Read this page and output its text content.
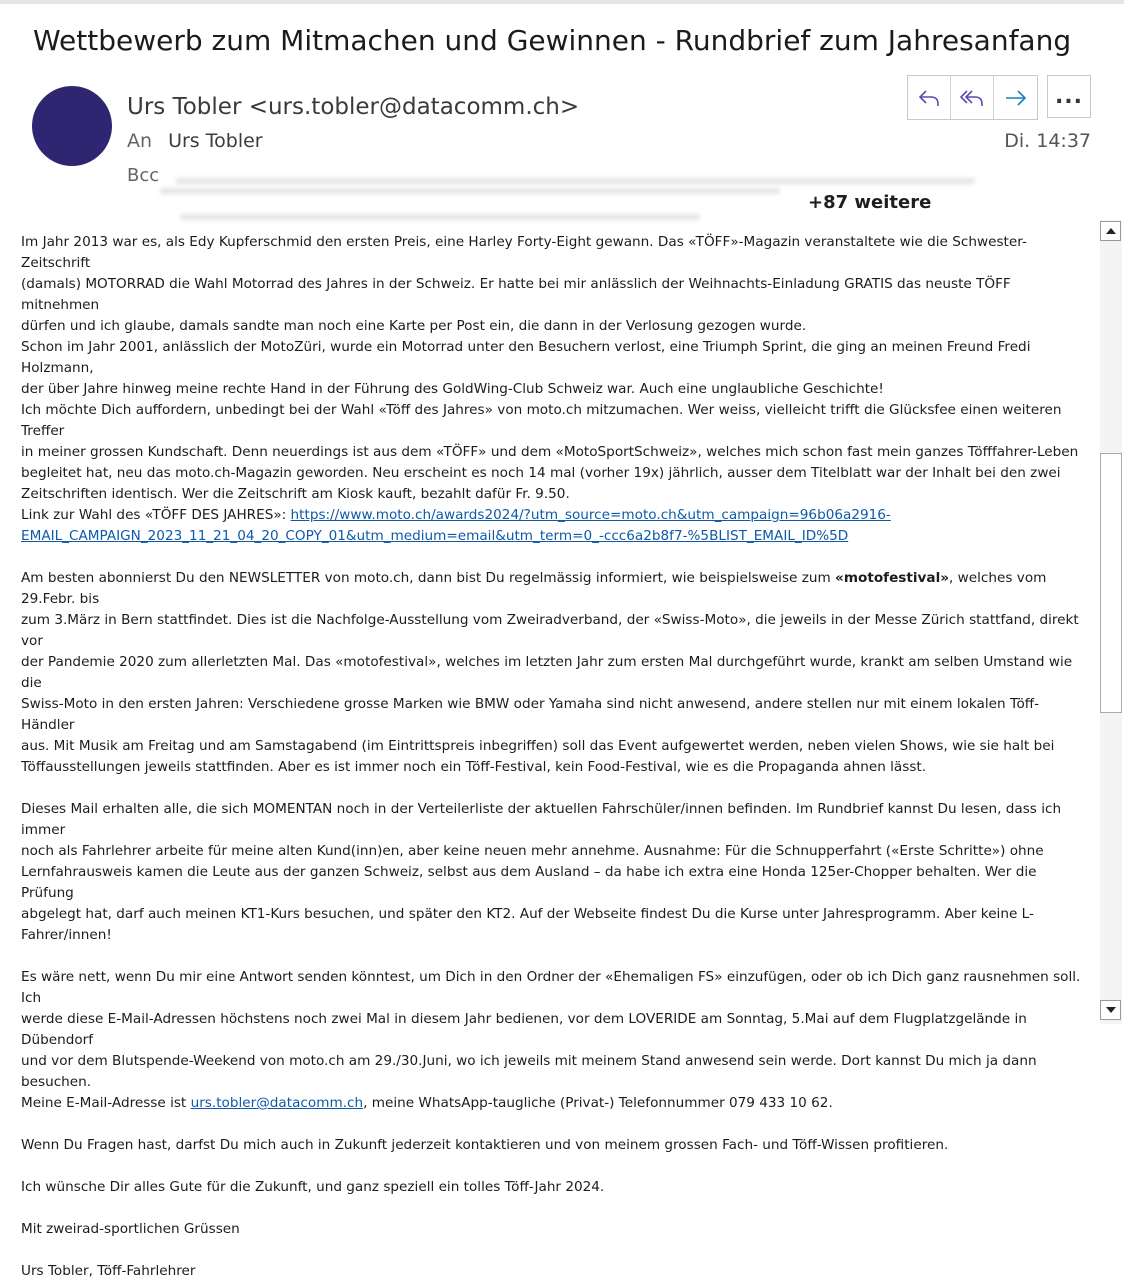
Wettbewerb zum Mitmachen und Gewinnen - Rundbrief zum Jahresanfang
Urs Tobler <urs.tobler@datacomm.ch>
An Urs Tobler
Bcc
+87 weitere
...
Di. 14:37

Im Jahr 2013 war es, als Edy Kupferschmid den ersten Preis, eine Harley Forty-Eight gewann. Das «TÖFF»-Magazin veranstaltete wie die Schwester-Zeitschrift

(damals) MOTORRAD die Wahl Motorrad des Jahres in der Schweiz. Er hatte bei mir anlässlich der Weihnachts-Einladung GRATIS das neuste TÖFF mitnehmen

dürfen und ich glaube, damals sandte man noch eine Karte per Post ein, die dann in der Verlosung gezogen wurde.

Schon im Jahr 2001, anlässlich der MotoZüri, wurde ein Motorrad unter den Besuchern verlost, eine Triumph Sprint, die ging an meinen Freund Fredi Holzmann,

der über Jahre hinweg meine rechte Hand in der Führung des GoldWing-Club Schweiz war. Auch eine unglaubliche Geschichte!

Ich möchte Dich auffordern, unbedingt bei der Wahl «Töff des Jahres» von moto.ch mitzumachen. Wer weiss, vielleicht trifft die Glücksfee einen weiteren Treffer

in meiner grossen Kundschaft. Denn neuerdings ist aus dem «TÖFF» und dem «MotoSportSchweiz», welches mich schon fast mein ganzes Töfffahrer-Leben

begleitet hat, neu das moto.ch-Magazin geworden. Neu erscheint es noch 14 mal (vorher 19x) jährlich, ausser dem Titelblatt war der Inhalt bei den zwei

Zeitschriften identisch. Wer die Zeitschrift am Kiosk kauft, bezahlt dafür Fr. 9.50.

Link zur Wahl des «TÖFF DES JAHRES»: https://www.moto.ch/awards2024/?utm_source=moto.ch&utm_campaign=96b06a2916-

EMAIL_CAMPAIGN_2023_11_21_04_20_COPY_01&utm_medium=email&utm_term=0_-ccc6a2b8f7-%5BLIST_EMAIL_ID%5D

Am besten abonnierst Du den NEWSLETTER von moto.ch, dann bist Du regelmässig informiert, wie beispielsweise zum «motofestival», welches vom 29.Febr. bis

zum 3.März in Bern stattfindet. Dies ist die Nachfolge-Ausstellung vom Zweiradverband, der «Swiss-Moto», die jeweils in der Messe Zürich stattfand, direkt vor

der Pandemie 2020 zum allerletzten Mal. Das «motofestival», welches im letzten Jahr zum ersten Mal durchgeführt wurde, krankt am selben Umstand wie die

Swiss-Moto in den ersten Jahren: Verschiedene grosse Marken wie BMW oder Yamaha sind nicht anwesend, andere stellen nur mit einem lokalen Töff-Händler

aus. Mit Musik am Freitag und am Samstagabend (im Eintrittspreis inbegriffen) soll das Event aufgewertet werden, neben vielen Shows, wie sie halt bei

Töffausstellungen jeweils stattfinden. Aber es ist immer noch ein Töff-Festival, kein Food-Festival, wie es die Propaganda ahnen lässt.

Dieses Mail erhalten alle, die sich MOMENTAN noch in der Verteilerliste der aktuellen Fahrschüler/innen befinden. Im Rundbrief kannst Du lesen, dass ich immer

noch als Fahrlehrer arbeite für meine alten Kund(inn)en, aber keine neuen mehr annehme. Ausnahme: Für die Schnupperfahrt («Erste Schritte») ohne

Lernfahrausweis kamen die Leute aus der ganzen Schweiz, selbst aus dem Ausland – da habe ich extra eine Honda 125er-Chopper behalten. Wer die Prüfung

abgelegt hat, darf auch meinen KT1-Kurs besuchen, und später den KT2. Auf der Webseite findest Du die Kurse unter Jahresprogramm. Aber keine L-

Fahrer/innen!

Es wäre nett, wenn Du mir eine Antwort senden könntest, um Dich in den Ordner der «Ehemaligen FS» einzufügen, oder ob ich Dich ganz rausnehmen soll. Ich

werde diese E-Mail-Adressen höchstens noch zwei Mal in diesem Jahr bedienen, vor dem LOVERIDE am Sonntag, 5.Mai auf dem Flugplatzgelände in Dübendorf

und vor dem Blutspende-Weekend von moto.ch am 29./30.Juni, wo ich jeweils mit meinem Stand anwesend sein werde. Dort kannst Du mich ja dann besuchen.

Meine E-Mail-Adresse ist urs.tobler@datacomm.ch, meine WhatsApp-taugliche (Privat-) Telefonnummer 079 433 10 62.

Wenn Du Fragen hast, darfst Du mich auch in Zukunft jederzeit kontaktieren und von meinem grossen Fach- und Töff-Wissen profitieren.

Ich wünsche Dir alles Gute für die Zukunft, und ganz speziell ein tolles Töff-Jahr 2024.

Mit zweirad-sportlichen Grüssen

Urs Tobler, Töff-Fahrlehrer
